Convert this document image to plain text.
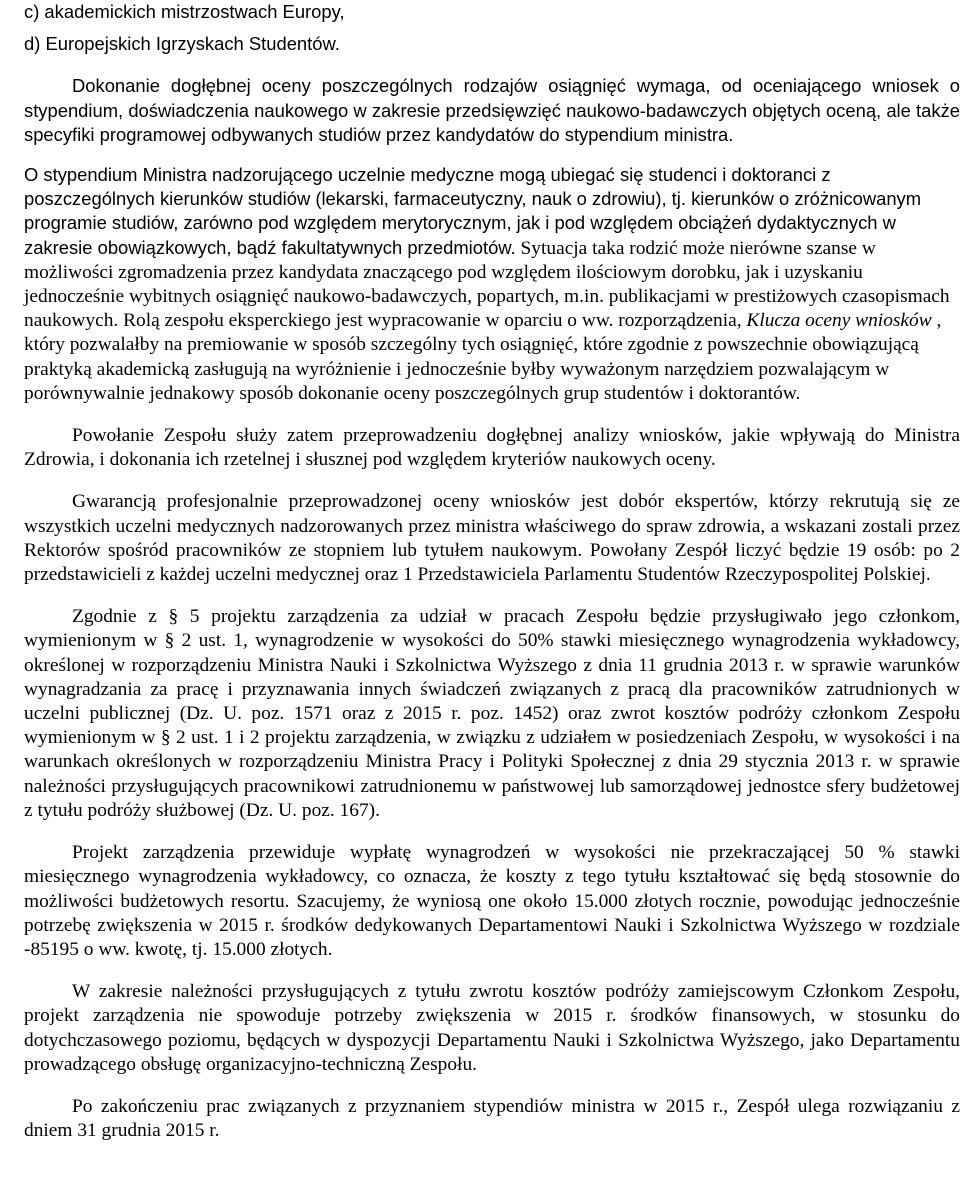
c) akademickich mistrzostwach Europy,

d) Europejskich Igrzyskach Studentów.

Dokonanie dogłębnej oceny poszczególnych rodzajów osiągnięć wymaga, od oceniającego wniosek o stypendium, doświadczenia naukowego w zakresie przedsięwzięć naukowo-badawczych objętych oceną, ale także specyfiki programowej odbywanych studiów przez kandydatów do stypendium ministra.

O stypendium Ministra nadzorującego uczelnie medyczne mogą ubiegać się studenci i doktoranci z poszczególnych kierunków studiów (lekarski, farmaceutyczny, nauk o zdrowiu), tj. kierunków o zróżnicowanym programie studiów, zarówno pod względem merytorycznym, jak i pod względem obciążeń dydaktycznych w zakresie obowiązkowych, bądź fakultatywnych przedmiotów. Sytuacja taka rodzić może nierówne szanse w możliwości zgromadzenia przez kandydata znaczącego pod względem ilościowym dorobku, jak i uzyskaniu jednocześnie wybitnych osiągnięć naukowo-badawczych, popartych, m.in. publikacjami w prestiżowych czasopismach naukowych. Rolą zespołu eksperckiego jest wypracowanie w oparciu o ww. rozporządzenia, Klucza oceny wniosków , który pozwalałby na premiowanie w sposób szczególny tych osiągnięć, które zgodnie z powszechnie obowiązującą praktyką akademicką zasługują na wyróżnienie i jednocześnie byłby wyważonym narzędziem pozwalającym w porównywalnie jednakowy sposób dokonanie oceny poszczególnych grup studentów i doktorantów.

Powołanie Zespołu służy zatem przeprowadzeniu dogłębnej analizy wniosków, jakie wpływają do Ministra Zdrowia, i dokonania ich rzetelnej i słusznej pod względem kryteriów naukowych oceny.

Gwarancją profesjonalnie przeprowadzonej oceny wniosków jest dobór ekspertów, którzy rekrutują się ze wszystkich uczelni medycznych nadzorowanych przez ministra właściwego do spraw zdrowia, a wskazani zostali przez Rektorów spośród pracowników ze stopniem lub tytułem naukowym. Powołany Zespół liczyć będzie 19 osób: po 2 przedstawicieli z każdej uczelni medycznej oraz 1 Przedstawiciela Parlamentu Studentów Rzeczypospolitej Polskiej.

Zgodnie z § 5 projektu zarządzenia za udział w pracach Zespołu będzie przysługiwało jego członkom, wymienionym w § 2 ust. 1, wynagrodzenie w wysokości do 50% stawki miesięcznego wynagrodzenia wykładowcy, określonej w rozporządzeniu Ministra Nauki i Szkolnictwa Wyższego z dnia 11 grudnia 2013 r. w sprawie warunków wynagradzania za pracę i przyznawania innych świadczeń związanych z pracą dla pracowników zatrudnionych w uczelni publicznej (Dz. U. poz. 1571 oraz z 2015 r. poz. 1452) oraz zwrot kosztów podróży członkom Zespołu wymienionym w § 2 ust. 1 i 2 projektu zarządzenia, w związku z udziałem w posiedzeniach Zespołu, w wysokości i na warunkach określonych w rozporządzeniu Ministra Pracy i Polityki Społecznej z dnia 29 stycznia 2013 r. w sprawie należności przysługujących pracownikowi zatrudnionemu w państwowej lub samorządowej jednostce sfery budżetowej z tytułu podróży służbowej (Dz. U. poz. 167).

Projekt zarządzenia przewiduje wypłatę wynagrodzeń w wysokości nie przekraczającej 50 % stawki miesięcznego wynagrodzenia wykładowcy, co oznacza, że koszty z tego tytułu kształtować się będą stosownie do możliwości budżetowych resortu. Szacujemy, że wyniosą one około 15.000 złotych rocznie, powodując jednocześnie potrzebę zwiększenia w 2015 r. środków dedykowanych Departamentowi Nauki i Szkolnictwa Wyższego w rozdziale -85195 o ww. kwotę, tj. 15.000 złotych.

W zakresie należności przysługujących z tytułu zwrotu kosztów podróży zamiejscowym Członkom Zespołu, projekt zarządzenia nie spowoduje potrzeby zwiększenia w 2015 r. środków finansowych, w stosunku do dotychczasowego poziomu, będących w dyspozycji Departamentu Nauki i Szkolnictwa Wyższego, jako Departamentu prowadzącego obsługę organizacyjno-techniczną Zespołu.

Po zakończeniu prac związanych z przyznaniem stypendiów ministra w 2015 r., Zespół ulega rozwiązaniu z dniem 31 grudnia 2015 r.
